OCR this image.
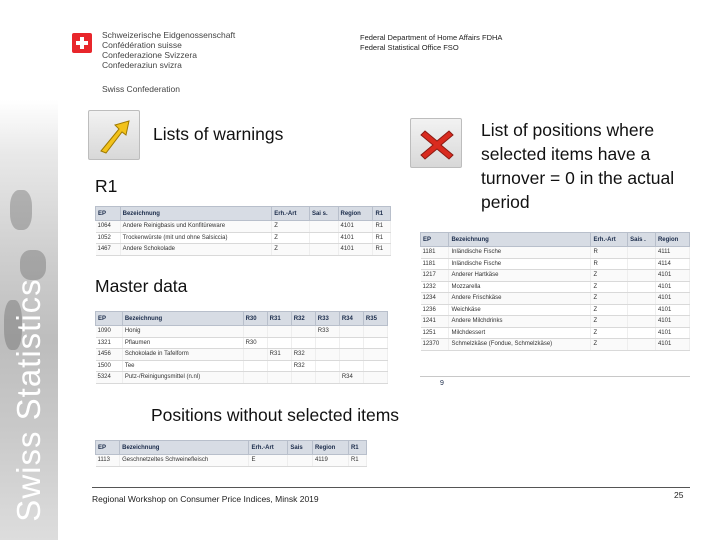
Swiss Statistics
Schweizerische Eidgenossenschaft
Confédération suisse
Confederazione Svizzera
Confederaziun svizra
Swiss Confederation
Federal Department of Home Affairs FDHA
Federal Statistical Office FSO
Lists of warnings
R1
Master data
Positions without selected items
List of positions where selected items have a turnover = 0 in the actual period
EP	Bezeichnung	Erh.-Art	Sai s.	Region	R1
1064	Andere Reinigbasis und Konfitüreware	Z		4101	R1
1052	Trockenwürste (mit und ohne Salsiccia)	Z		4101	R1
1467	Andere Schokolade	Z		4101	R1
EP	Bezeichnung	R30	R31	R32	R33	R34	R35
1090	Honig				R33		
1321	Pflaumen	R30					
1456	Schokolade in Tafelform		R31	R32			
1500	Tee			R32			
5324	Putz-/Reinigungsmittel (n.nl)					R34	
EP	Bezeichnung	Erh.-Art	Sais .	Region
1181	Inländische Fische	R		4111
1181	Inländische Fische	R		4114
1217	Anderer Hartkäse	Z		4101
1232	Mozzarella	Z		4101
1234	Andere Frischkäse	Z		4101
1236	Weichkäse	Z		4101
1241	Andere Milchdrinks	Z		4101
1251	Milchdessert	Z		4101
12370	Schmelzkäse (Fondue, Schmelzkäse)	Z		4101
9
EP	Bezeichnung	Erh.-Art	Sais	Region	R1
1113	Geschnetzeltes Schweinefleisch	E		4119	R1
Regional Workshop on Consumer Price Indices, Minsk 2019	25
